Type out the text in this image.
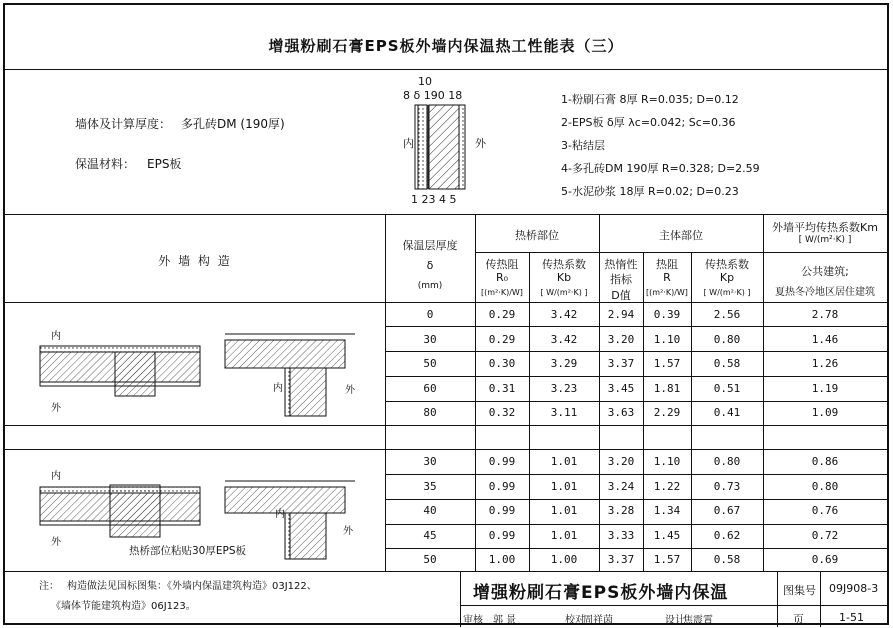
增强粉刷石膏EPS板外墙内保温热工性能表（三）
墙体及计算厚度： 多孔砖DM (190厚)
保温材料： EPS板
10
8 δ 190 18
内	外
1 23 4 5
1-粉刷石膏 8厚 R=0.035; D=0.12
2-EPS板 δ厚 λc=0.042; Sc=0.36
3-粘结层
4-多孔砖DM 190厚 R=0.328; D=2.59
5-水泥砂浆 18厚 R=0.02; D=0.23
外 墙 构 造
保温层厚度
δ
(mm)
热桥部位	主体部位
外墙平均传热系数Km
[ W/(m²·K) ]
传热阻
R₀
[(m²·K)/W]
传热系数
Kb
[ W/(m²·K) ]
热惰性
指标
D值
热阻
R
[(m²·K)/W]
传热系数
Kp
[ W/(m²·K) ]
公共建筑;
夏热冬冷地区居住建筑
0	0.29	3.42	2.94	0.39	2.56	2.78
30	0.29	3.42	3.20	1.10	0.80	1.46
50	0.30	3.29	3.37	1.57	0.58	1.26
60	0.31	3.23	3.45	1.81	0.51	1.19
80	0.32	3.11	3.63	2.29	0.41	1.09
30	0.99	1.01	3.20	1.10	0.80	0.86
35	0.99	1.01	3.24	1.22	0.73	0.80
40	0.99	1.01	3.28	1.34	0.67	0.76
45	0.99	1.01	3.33	1.45	0.62	0.72
50	1.00	1.00	3.37	1.57	0.58	0.69
内
外
内	外
内
外
内
外
热桥部位粘贴30厚EPS板
注： 构造做法见国标图集：《外墙内保温建筑构造》03J122、
《墙体节能建筑构造》06J123。
增强粉刷石膏EPS板外墙内保温	图集号 09J908-3
页	1-51
审核 郭 景	校对
周祥茵	设计
焦震霄
